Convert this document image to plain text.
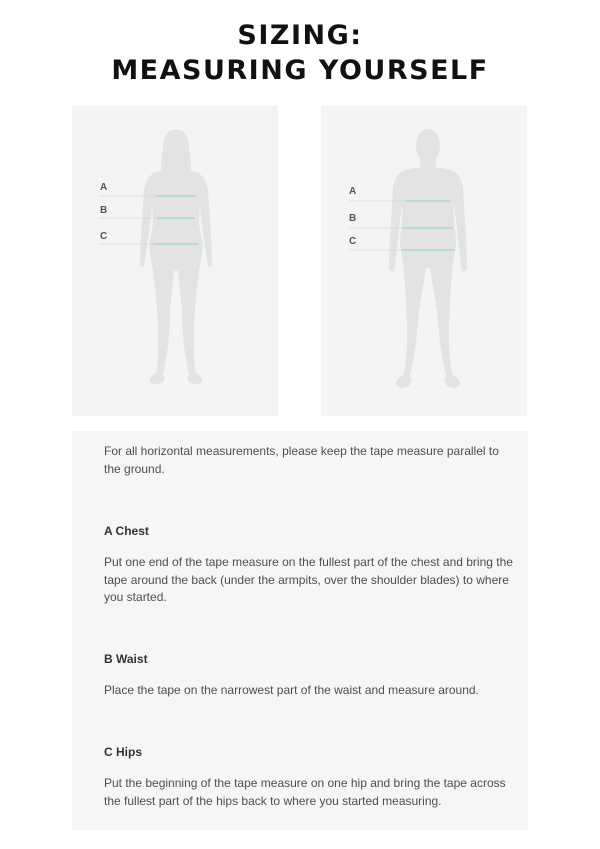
SIZING:
MEASURING YOURSELF
A
B
C
A
B
C

For all horizontal measurements, please keep the tape measure parallel to the ground.

A Chest

Put one end of the tape measure on the fullest part of the chest and bring the tape around the back (under the armpits, over the shoulder blades) to where you started.

B Waist

Place the tape on the narrowest part of the waist and measure around.

C Hips

Put the beginning of the tape measure on one hip and bring the tape across the fullest part of the hips back to where you started measuring.
